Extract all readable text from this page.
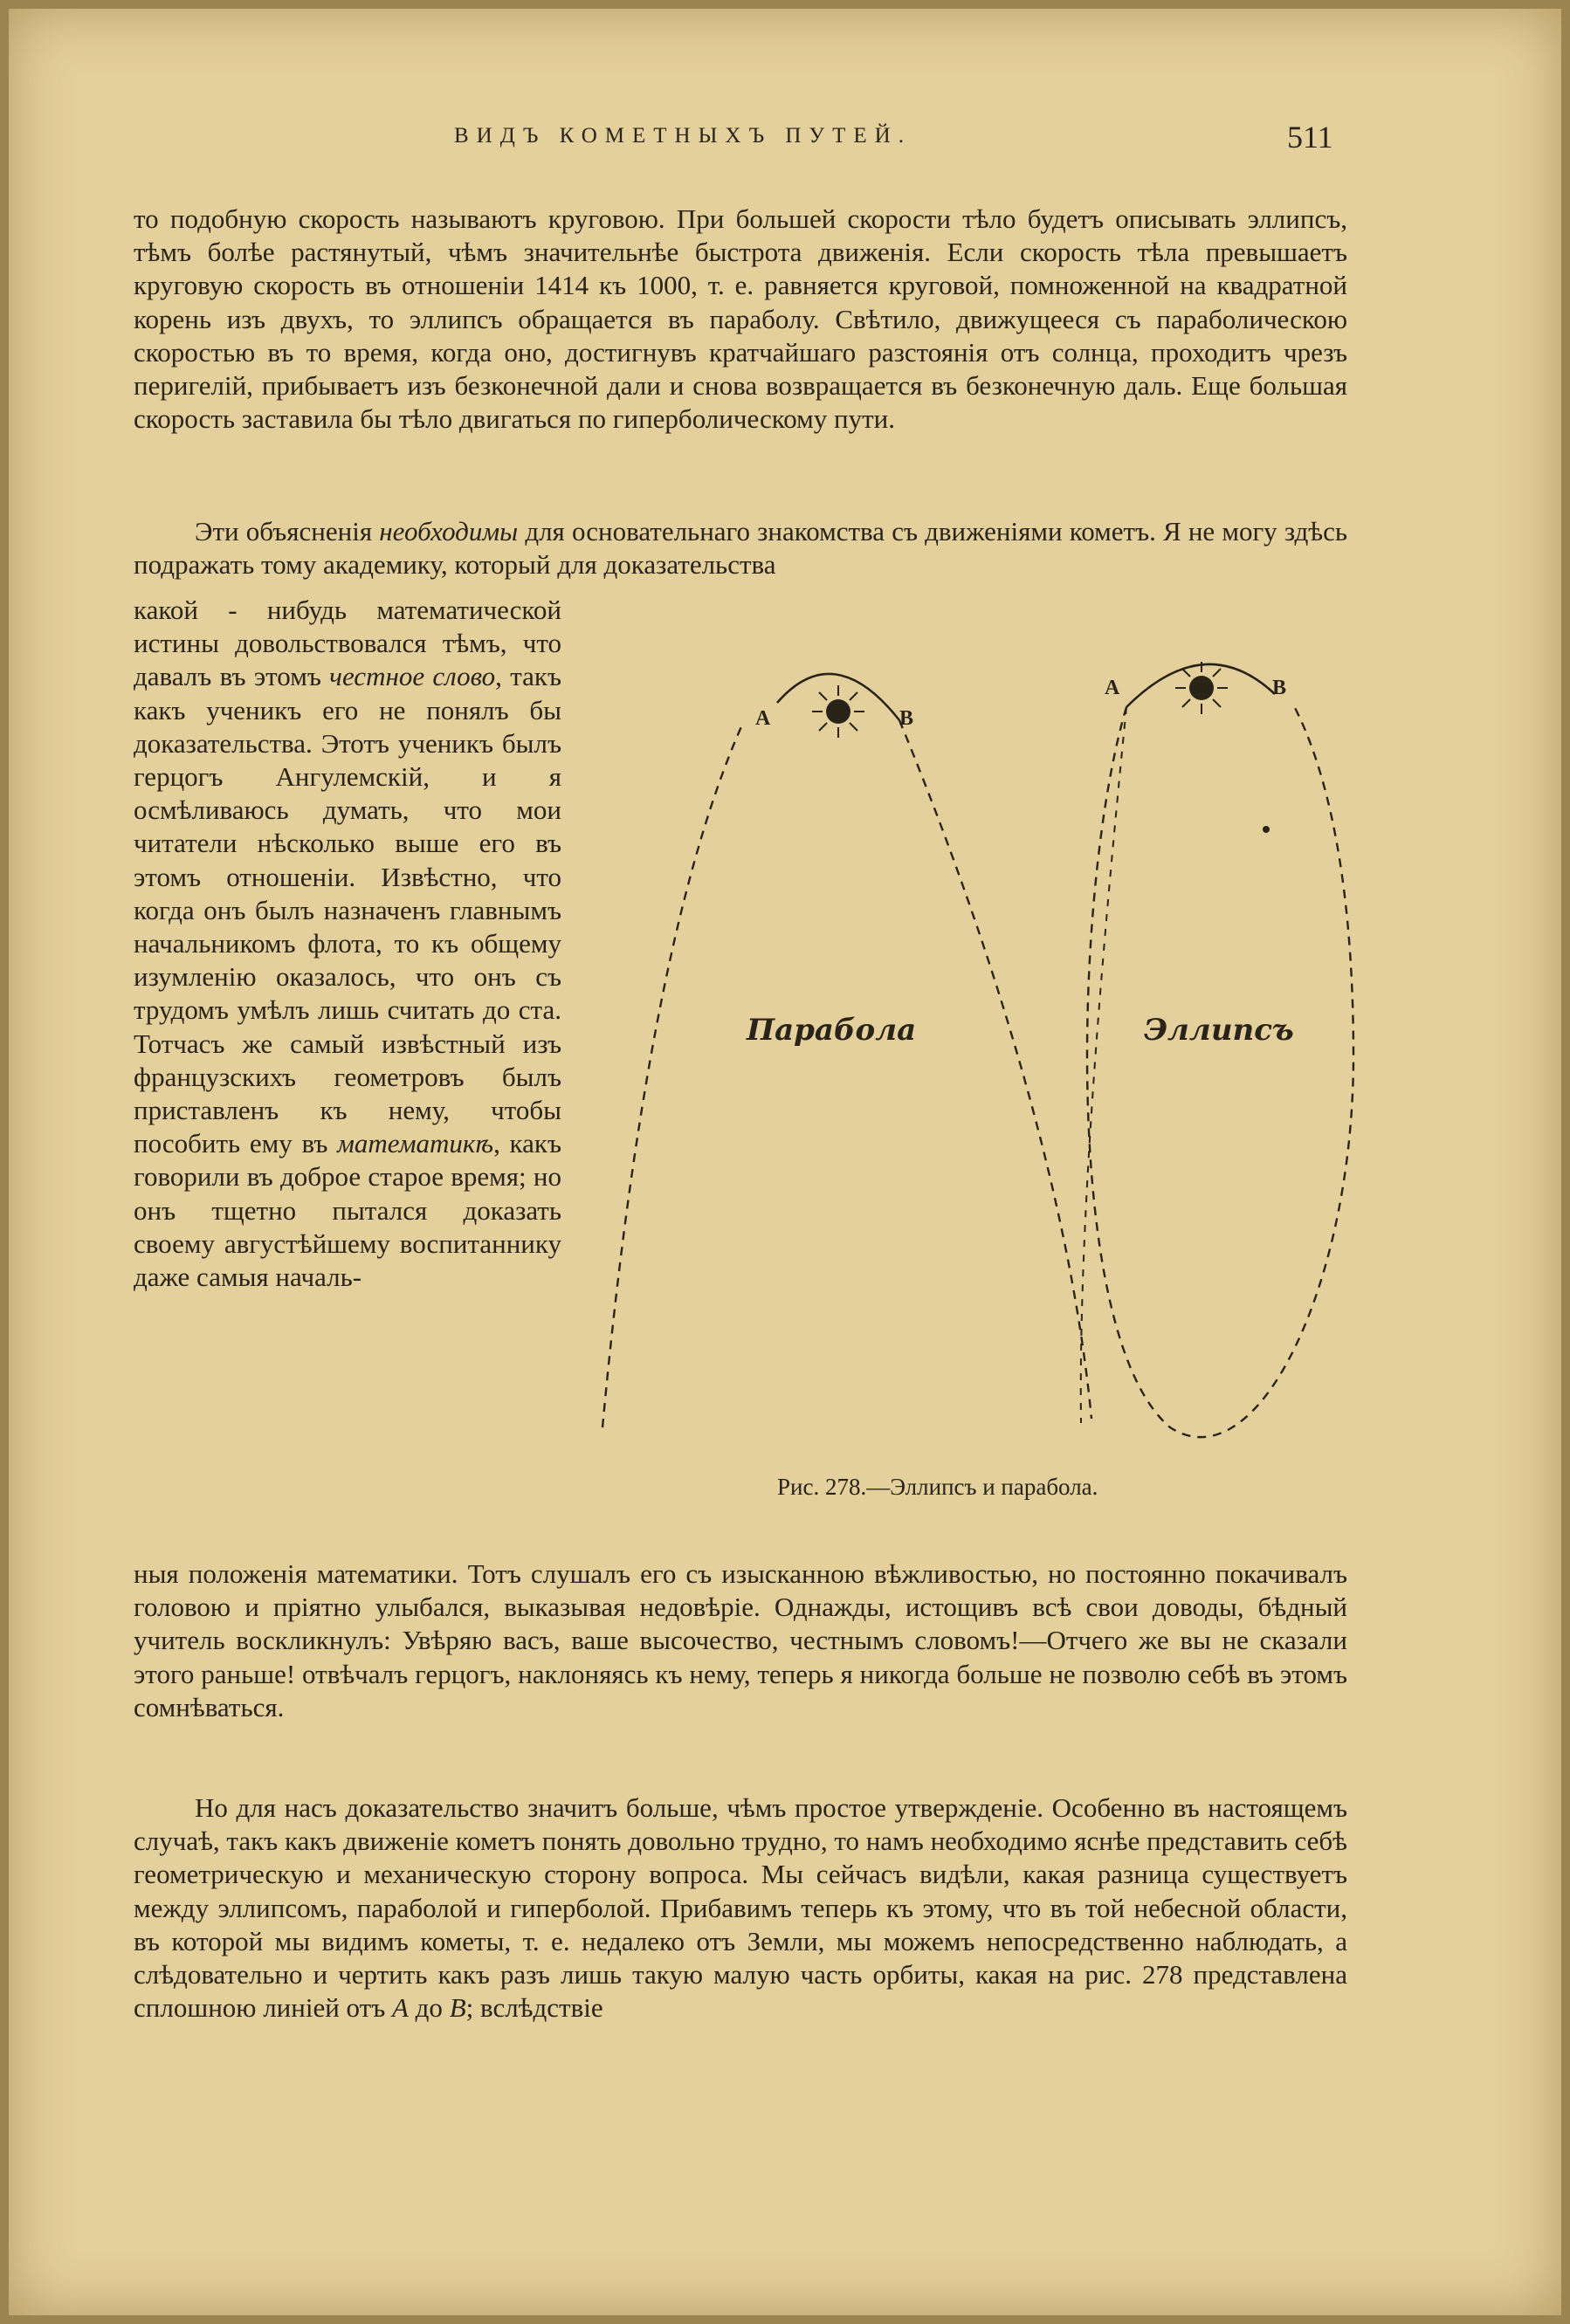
ВИДЪ КОМЕТНЫХЪ ПУТЕЙ.	511

то подобную скорость называютъ круговою. При большей скорости тѣло будетъ описывать эллипсъ, тѣмъ болѣе растянутый, чѣмъ значительнѣе быстрота движенія. Если скорость тѣла превышаетъ круговую скорость въ отношеніи 1414 къ 1000, т. е. равняется круговой, помноженной на квадратной корень изъ двухъ, то эллипсъ обращается въ параболу. Свѣтило, движущееся съ параболическою скоростью въ то время, когда оно, достигнувъ кратчайшаго разстоянія отъ солнца, проходитъ чрезъ перигелій, прибываетъ изъ безконечной дали и снова возвращается въ безконечную даль. Еще большая скорость заставила бы тѣло двигаться по гиперболическому пути.

Эти объясненія необходимы для основательнаго знакомства съ движеніями кометъ. Я не могу здѣсь подражать тому академику, который для доказательства

какой - нибудь математической истины довольствовался тѣмъ, что давалъ въ этомъ честное слово, такъ какъ ученикъ его не понялъ бы доказательства. Этотъ ученикъ былъ герцогъ Ангулемскій, и я осмѣливаюсь думать, что мои читатели нѣсколько выше его въ этомъ отношеніи. Извѣстно, что когда онъ былъ назначенъ главнымъ начальникомъ флота, то къ общему изумленію оказалось, что онъ съ трудомъ умѣлъ лишь считать до ста. Тотчасъ же самый извѣстный изъ французскихъ геометровъ былъ приставленъ къ нему, чтобы пособить ему въ математикѣ, какъ говорили въ доброе старое время; но онъ тщетно пытался доказать своему августѣйшему воспитаннику даже самыя началь-

A	B
A	B
Парабола	Эллипсъ
Рис. 278.—Эллипсъ и парабола.

ныя положенія математики. Тотъ слушалъ его съ изысканною вѣжливостью, но постоянно покачивалъ головою и пріятно улыбался, выказывая недовѣріе. Однажды, истощивъ всѣ свои доводы, бѣдный учитель воскликнулъ: Увѣряю васъ, ваше высочество, честнымъ словомъ!—Отчего же вы не сказали этого раньше! отвѣчалъ герцогъ, наклоняясь къ нему, теперь я никогда больше не позволю себѣ въ этомъ сомнѣваться.

Но для насъ доказательство значитъ больше, чѣмъ простое утвержденіе. Особенно въ настоящемъ случаѣ, такъ какъ движеніе кометъ понять довольно трудно, то намъ необходимо яснѣе представить себѣ геометрическую и механическую сторону вопроса. Мы сейчасъ видѣли, какая разница существуетъ между эллипсомъ, параболой и гиперболой. Прибавимъ теперь къ этому, что въ той небесной области, въ которой мы видимъ кометы, т. е. недалеко отъ Земли, мы можемъ непосредственно наблюдать, а слѣдовательно и чертить какъ разъ лишь такую малую часть орбиты, какая на рис. 278 представлена сплошною линіей отъ A до B; вслѣдствіе
